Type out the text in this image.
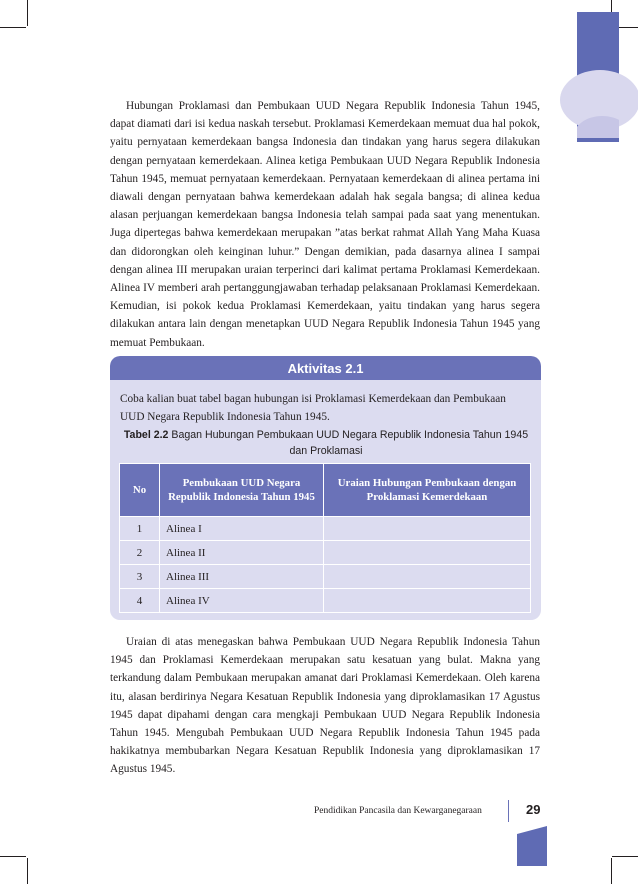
Hubungan Proklamasi dan Pembukaan UUD Negara Republik Indonesia Tahun 1945, dapat diamati dari isi kedua naskah tersebut. Proklamasi Kemerdekaan memuat dua hal pokok, yaitu pernyataan kemerdekaan bangsa Indonesia dan tindakan yang harus segera dilakukan dengan pernyataan kemerdekaan. Alinea ketiga Pembukaan UUD Negara Republik Indonesia Tahun 1945, memuat pernyataan kemerdekaan. Pernyataan kemerdekaan di alinea pertama ini diawali dengan pernyataan bahwa kemerdekaan adalah hak segala bangsa; di alinea kedua alasan perjuangan kemerdekaan bangsa Indonesia telah sampai pada saat yang menentukan. Juga dipertegas bahwa kemerdekaan merupakan ”atas berkat rahmat Allah Yang Maha Kuasa dan didorongkan oleh keinginan luhur.” Dengan demikian, pada dasarnya alinea I sampai dengan alinea III merupakan uraian terperinci dari kalimat pertama Proklamasi Kemerdekaan. Alinea IV memberi arah pertanggungjawaban terhadap pelaksanaan Proklamasi Kemerdekaan. Kemudian, isi pokok kedua Proklamasi Kemerdekaan, yaitu tindakan yang harus segera dilakukan antara lain dengan menetapkan UUD Negara Republik Indonesia Tahun 1945 yang memuat Pembukaan.

Aktivitas 2.1
Coba kalian buat tabel bagan hubungan isi Proklamasi Kemerdekaan dan Pembukaan UUD Negara Republik Indonesia Tahun 1945.
Tabel 2.2 Bagan Hubungan Pembukaan UUD Negara Republik Indonesia Tahun 1945 dan Proklamasi
No	Pembukaan UUD Negara Republik Indonesia Tahun 1945	Uraian Hubungan Pembukaan dengan Proklamasi Kemerdekaan
1	Alinea I	
2	Alinea II	
3	Alinea III	
4	Alinea IV	

Uraian di atas menegaskan bahwa Pembukaan UUD Negara Republik Indonesia Tahun 1945 dan Proklamasi Kemerdekaan merupakan satu kesatuan yang bulat. Makna yang terkandung dalam Pembukaan merupakan amanat dari Proklamasi Kemerdekaan. Oleh karena itu, alasan berdirinya Negara Kesatuan Republik Indonesia yang diproklamasikan 17 Agustus 1945 dapat dipahami dengan cara mengkaji Pembukaan UUD Negara Republik Indonesia Tahun 1945. Mengubah Pembukaan UUD Negara Republik Indonesia Tahun 1945 pada hakikatnya membubarkan Negara Kesatuan Republik Indonesia yang diproklamasikan 17 Agustus 1945.

Pendidikan Pancasila dan Kewarganegaraan	29
